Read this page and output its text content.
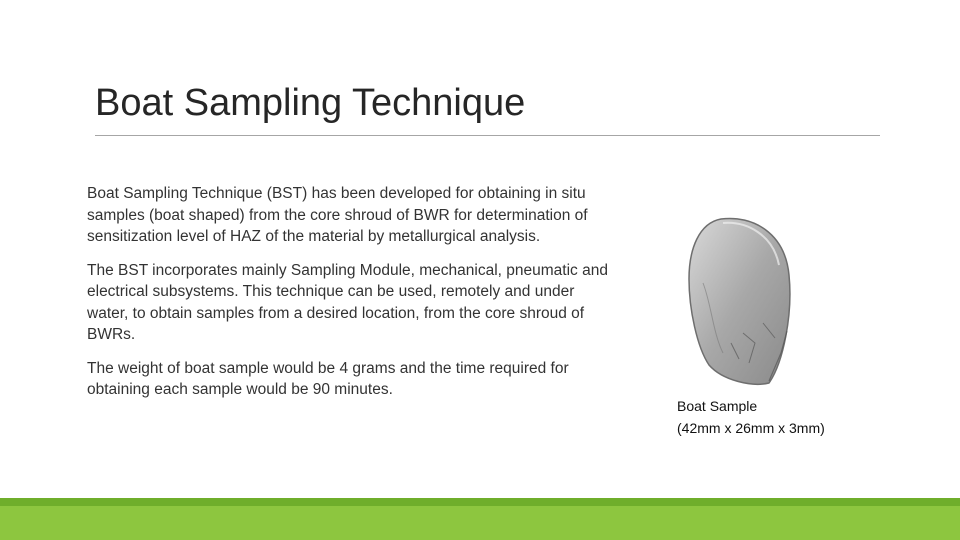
Boat Sampling Technique

Boat Sampling Technique (BST) has been developed for obtaining in situ samples (boat shaped) from the core shroud of BWR for determination of sensitization level of HAZ of the material by metallurgical analysis.

The BST incorporates mainly Sampling Module, mechanical, pneumatic and electrical subsystems. This technique can be used, remotely and under water, to obtain samples from a desired location, from the core shroud of BWRs.

The weight of boat sample would be 4 grams and the time required for obtaining each sample would be 90 minutes.

Boat Sample
(42mm x 26mm x 3mm)
